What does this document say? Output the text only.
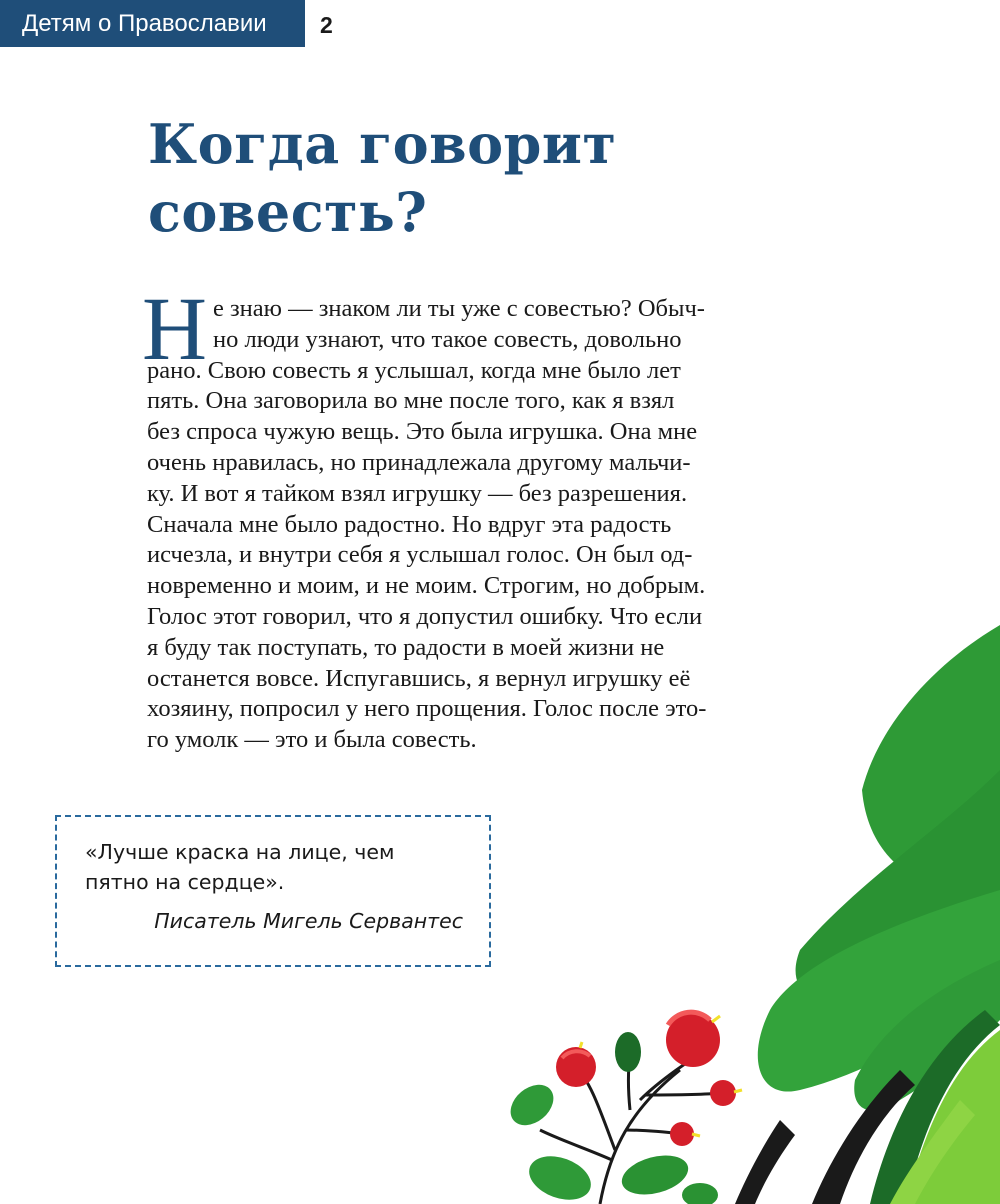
Детям о Православии	2
Когда говорит
совесть?
Н е знаю — знаком ли ты уже с совестью? Обыч-
но люди узнают, что такое совесть, довольно
рано. Свою совесть я услышал, когда мне было лет
пять. Она заговорила во мне после того, как я взял
без спроса чужую вещь. Это была игрушка. Она мне
очень нравилась, но принадлежала другому мальчи-
ку. И вот я тайком взял игрушку — без разрешения.
Сначала мне было радостно. Но вдруг эта радость
исчезла, и внутри себя я услышал голос. Он был од-
новременно и моим, и не моим. Строгим, но добрым.
Голос этот говорил, что я допустил ошибку. Что если
я буду так поступать, то радости в моей жизни не
останется вовсе. Испугавшись, я вернул игрушку её
хозяину, попросил у него прощения. Голос после это-
го умолк — это и была совесть.

«Лучше краска на лице, чем
пятно на сердце».

Писатель Мигель Сервантес
